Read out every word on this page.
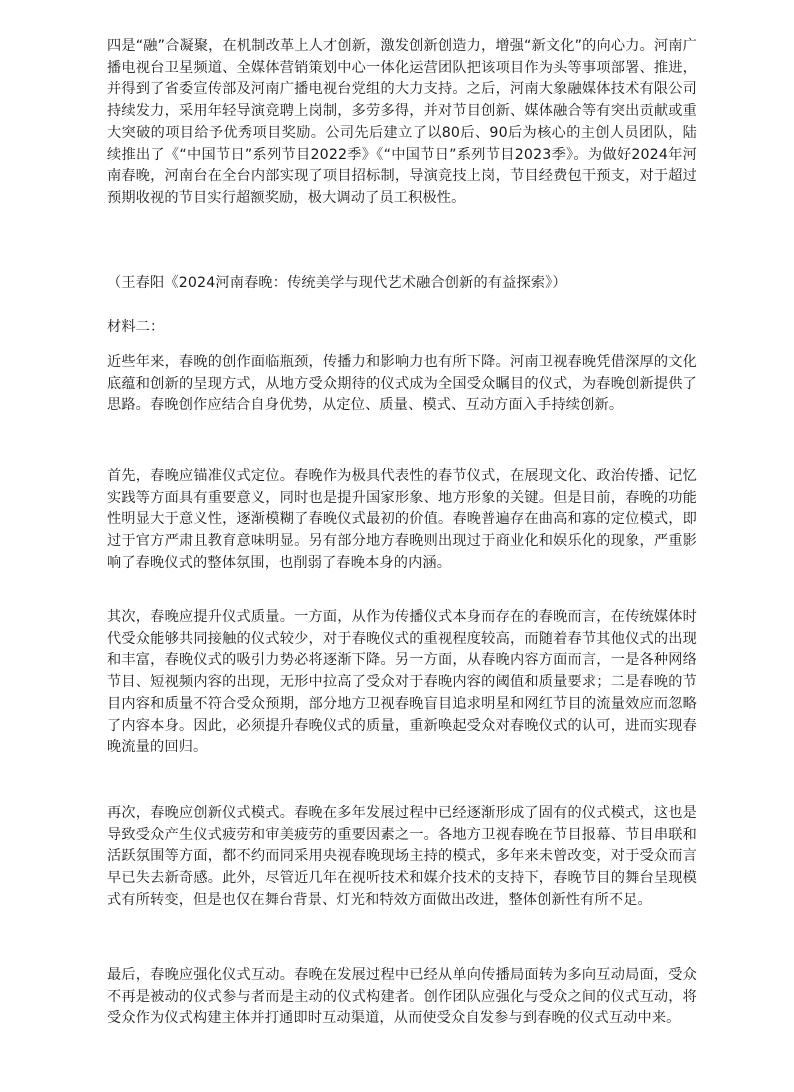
四是“融”合凝聚，在机制改革上人才创新，激发创新创造力，增强“新文化”的向心力。河南广播电视台卫星频道、全媒体营销策划中心一体化运营团队把该项目作为头等事项部署、推进，并得到了省委宣传部及河南广播电视台党组的大力支持。之后，河南大象融媒体技术有限公司持续发力，采用年轻导演竞聘上岗制，多劳多得，并对节目创新、媒体融合等有突出贡献或重大突破的项目给予优秀项目奖励。公司先后建立了以80后、90后为核心的主创人员团队，陆续推出了《“中国节日”系列节目2022季》《“中国节日”系列节目2023季》。为做好2024年河南春晚，河南台在全台内部实现了项目招标制，导演竞技上岗，节目经费包干预支，对于超过预期收视的节目实行超额奖励，极大调动了员工积极性。

（王春阳《2024河南春晚：传统美学与现代艺术融合创新的有益探索》）

材料二：

近些年来，春晚的创作面临瓶颈，传播力和影响力也有所下降。河南卫视春晚凭借深厚的文化底蕴和创新的呈现方式，从地方受众期待的仪式成为全国受众瞩目的仪式，为春晚创新提供了思路。春晚创作应结合自身优势，从定位、质量、模式、互动方面入手持续创新。

首先，春晚应锚准仪式定位。春晚作为极具代表性的春节仪式，在展现文化、政治传播、记忆实践等方面具有重要意义，同时也是提升国家形象、地方形象的关键。但是目前，春晚的功能性明显大于意义性，逐渐模糊了春晚仪式最初的价值。春晚普遍存在曲高和寡的定位模式，即过于官方严肃且教育意味明显。另有部分地方春晚则出现过于商业化和娱乐化的现象，严重影响了春晚仪式的整体氛围，也削弱了春晚本身的内涵。

其次，春晚应提升仪式质量。一方面，从作为传播仪式本身而存在的春晚而言，在传统媒体时代受众能够共同接触的仪式较少，对于春晚仪式的重视程度较高，而随着春节其他仪式的出现和丰富，春晚仪式的吸引力势必将逐渐下降。另一方面，从春晚内容方面而言，一是各种网络节目、短视频内容的出现，无形中拉高了受众对于春晚内容的阈值和质量要求；二是春晚的节目内容和质量不符合受众预期，部分地方卫视春晚盲目追求明星和网红节目的流量效应而忽略了内容本身。因此，必须提升春晚仪式的质量，重新唤起受众对春晚仪式的认可，进而实现春晚流量的回归。

再次，春晚应创新仪式模式。春晚在多年发展过程中已经逐渐形成了固有的仪式模式，这也是导致受众产生仪式疲劳和审美疲劳的重要因素之一。各地方卫视春晚在节目报幕、节目串联和活跃氛围等方面，都不约而同采用央视春晚现场主持的模式，多年来未曾改变，对于受众而言早已失去新奇感。此外，尽管近几年在视听技术和媒介技术的支持下，春晚节目的舞台呈现模式有所转变，但是也仅在舞台背景、灯光和特效方面做出改进，整体创新性有所不足。

最后，春晚应强化仪式互动。春晚在发展过程中已经从单向传播局面转为多向互动局面，受众不再是被动的仪式参与者而是主动的仪式构建者。创作团队应强化与受众之间的仪式互动，将受众作为仪式构建主体并打通即时互动渠道，从而使受众自发参与到春晚的仪式互动中来。
